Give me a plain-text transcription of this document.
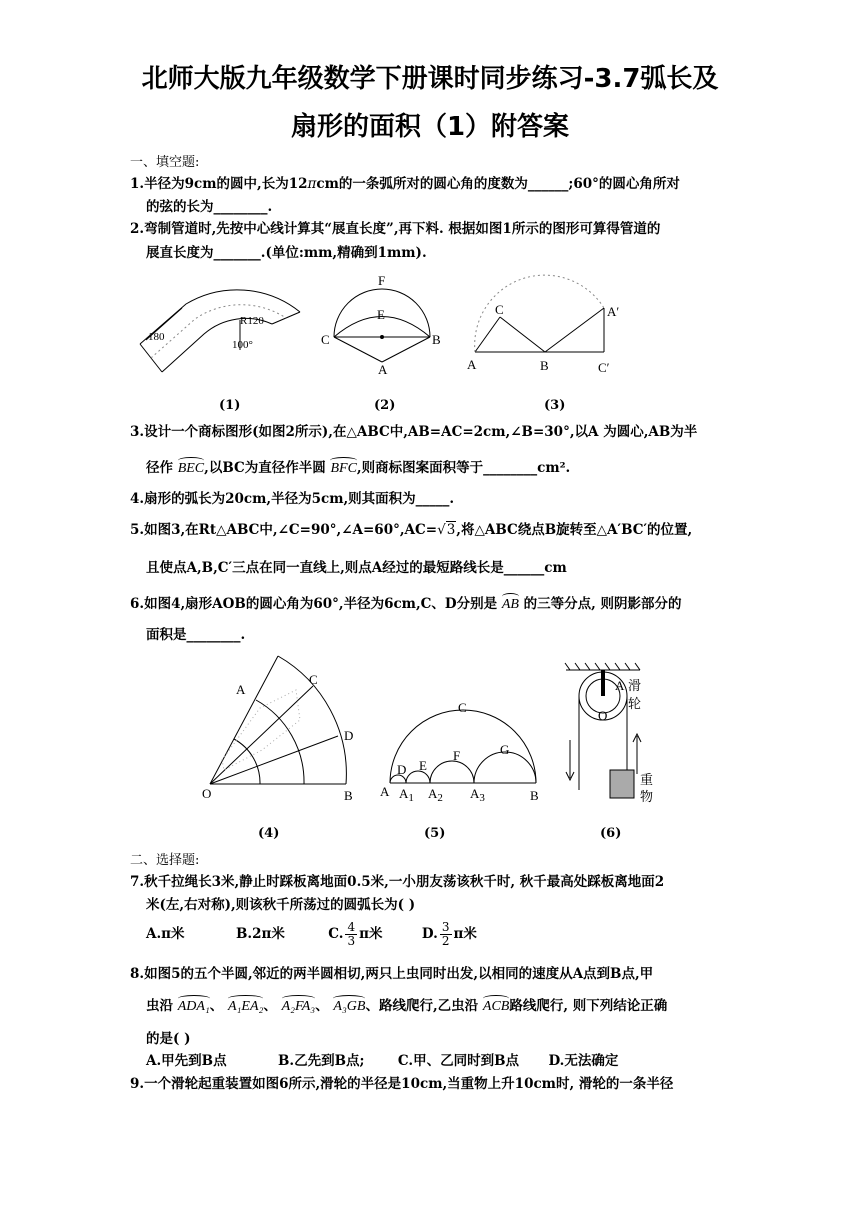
北师大版九年级数学下册课时同步练习-3.7弧长及
扇形的面积（1）附答案
一、填空题:
1.半径为9cm的圆中,长为12πcm的一条弧所对的圆心角的度数为______;60°的圆心角所对
的弦的长为________.
2.弯制管道时,先按中心线计算其“展直长度”,再下料. 根据如图1所示的图形可算得管道的
展直长度为_______.(单位:mm,精确到1mm).
180
R120
100°
F
E
C	B
A
C	A′
A	B	C′
(1)	(2)	(3)
3.设计一个商标图形(如图2所示),在△ABC中,AB=AC=2cm,∠B=30°,以A 为圆心,AB为半
径作 BEC,以BC为直径作半圆 BFC,则商标图案面积等于________cm².
4.扇形的弧长为20cm,半径为5cm,则其面积为_____.
5.如图3,在Rt△ABC中,∠C=90°,∠A=60°,AC=√3,将△ABC绕点B旋转至△A′BC′的位置,
且使点A,B,C′三点在同一直线上,则点A经过的最短路线长是______cm
6.如图4,扇形AOB的圆心角为60°,半径为6cm,C、D分别是 AB 的三等分点, 则阴影部分的
面积是________.
A
C
D
O	B
C
D E
F	G
A $A_1$ $A_2$ $A_3$	B
A
O
滑
轮
重
物
(4)	(5)	(6)
二、选择题:
7.秋千拉绳长3米,静止时踩板离地面0.5米,一小朋友荡该秋千时, 秋千最高处踩板离地面2
米(左,右对称),则该秋千所荡过的圆弧长为( )
A.π米	B.2π米	C. $\frac{4}{3}$ π米	D. $\frac{3}{2}$ π米
8.如图5的五个半圆,邻近的两半圆相切,两只上虫同时出发,以相同的速度从A点到B点,甲
虫沿 ADA₁、 A₁EA₂、 A₂FA₃、 A₃GB、路线爬行,乙虫沿 ACB路线爬行, 则下列结论正确
的是( )
A.甲先到B点	B.乙先到B点; C.甲、乙同时到B点 D.无法确定
9.一个滑轮起重装置如图6所示,滑轮的半径是10cm,当重物上升10cm时, 滑轮的一条半径
